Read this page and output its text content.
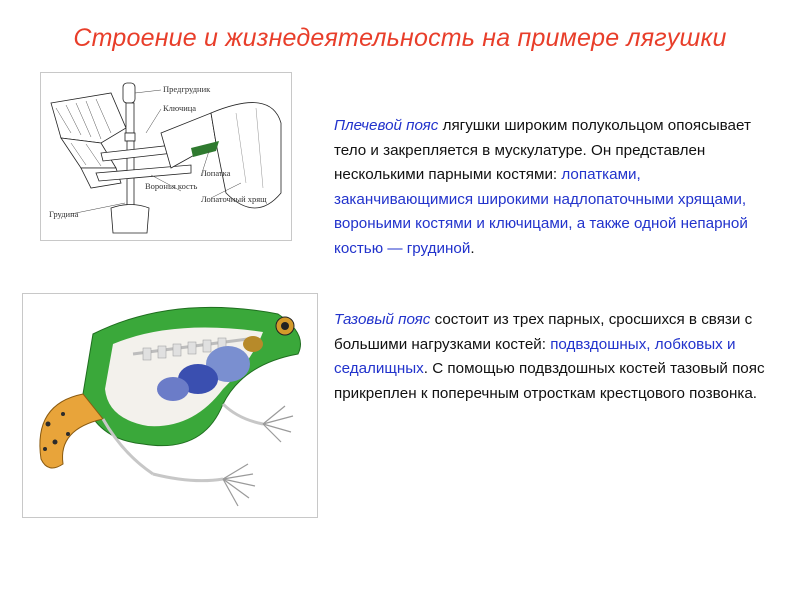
Строение и жизнедеятельность на примере лягушки
Предгрудник
Ключица
Лопатка
Воронья кость
Лопаточный хрящ
Грудина
Плечевой пояс лягушки широким полукольцом опоясывает тело и закрепляется в мускулатуре. Он представлен несколькими парными костями: лопатками, заканчивающимися широкими надлопаточными хрящами, вороньими костями и ключицами, а также одной непарной костью — грудиной.
Тазовый пояс состоит из трех парных, сросшихся в связи с большими нагрузками костей: подвздошных, лобковых и седалищных. С помощью подвздошных костей тазовый пояс прикреплен к поперечным отросткам крестцового позвонка.
